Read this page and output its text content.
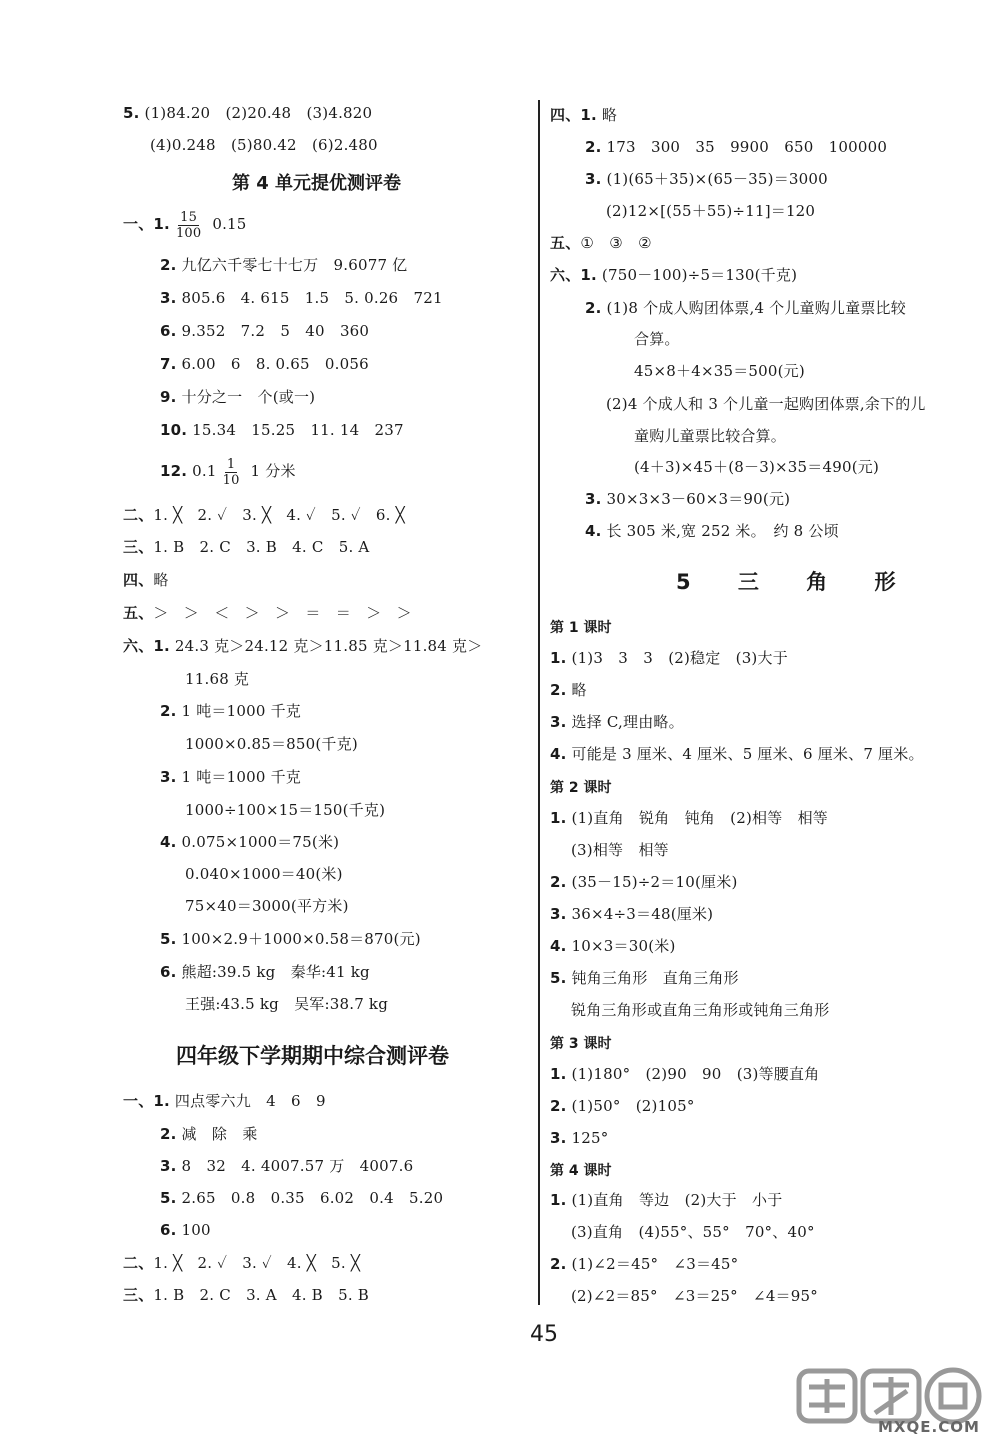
5. (1)84.20　(2)20.48　(3)4.820
(4)0.248　(5)80.42　(6)2.480
第 4 单元提优测评卷
一、1. $\frac{15}{100} 0.15$
2. 九亿六千零七十七万　9.6077 亿
3. 805.6　4. 615　1.5　5. 0.26　721
6. 9.352　7.2　5　40　360
7. 6.00　6　8. 0.65　0.056
9. 十分之一　个(或一)
10. 15.34　15.25　11. 14　237
12. $0.1 \frac{1}{10} 1$ 分米
二、1. ╳　2. ✓　3. ╳　4. ✓　5. ✓　6. ╳
三、1. B　2. C　3. B　4. C　5. A
四、略
五、＞　＞　＜　＞　＞　＝　＝　＞　＞
六、1. 24.3 克＞24.12 克＞11.85 克＞11.84 克＞
11.68 克
2. 1 吨＝1000 千克
1000×0.85＝850(千克)
3. 1 吨＝1000 千克
1000÷100×15＝150(千克)
4. 0.075×1000＝75(米)
0.040×1000＝40(米)
75×40＝3000(平方米)
5. 100×2.9＋1000×0.58＝870(元)
6. 熊超:39.5 kg　秦华:41 kg
王强:43.5 kg　吴军:38.7 kg
四年级下学期期中综合测评卷
一、1. 四点零六九　4　6　9
2. 减　除　乘
3. 8　32　4. 4007.57 万　4007.6
5. 2.65　0.8　0.35　6.02　0.4　5.20
6. 100
二、1. ╳　2. ✓　3. ✓　4. ╳　5. ╳
三、1. B　2. C　3. A　4. B　5. B
四、1. 略
2. 173　300　35　9900　650　100000
3. (1)(65＋35)×(65－35)＝3000
(2)12×[(55＋55)÷11]＝120
五、①　③　②
六、1. (750－100)÷5＝130(千克)
2. (1)8 个成人购团体票,4 个儿童购儿童票比较
合算。
45×8＋4×35＝500(元)
(2)4 个成人和 3 个儿童一起购团体票,余下的儿
童购儿童票比较合算。
(4＋3)×45＋(8－3)×35＝490(元)
3. 30×3×3－60×3＝90(元)
4. 长 305 米,宽 252 米。　约 8 公顷
5 三 角 形
第 1 课时
1. (1)3　3　3　(2)稳定　(3)大于
2. 略
3. 选择 C,理由略。
4. 可能是 3 厘米、4 厘米、5 厘米、6 厘米、7 厘米。
第 2 课时
1. (1)直角　锐角　钝角　(2)相等　相等
(3)相等　相等
2. (35－15)÷2＝10(厘米)
3. 36×4÷3＝48(厘米)
4. 10×3＝30(米)
5. 钝角三角形　直角三角形
锐角三角形或直角三角形或钝角三角形
第 3 课时
1. (1)180°　(2)90　90　(3)等腰直角
2. (1)50°　(2)105°
3. 125°
第 4 课时
1. (1)直角　等边　(2)大于　小于
(3)直角　(4)55°、55°　70°、40°
2. (1)∠2＝45°　∠3＝45°
(2)∠2＝85°　∠3＝25°　∠4＝95°
45
MXQE.COM
